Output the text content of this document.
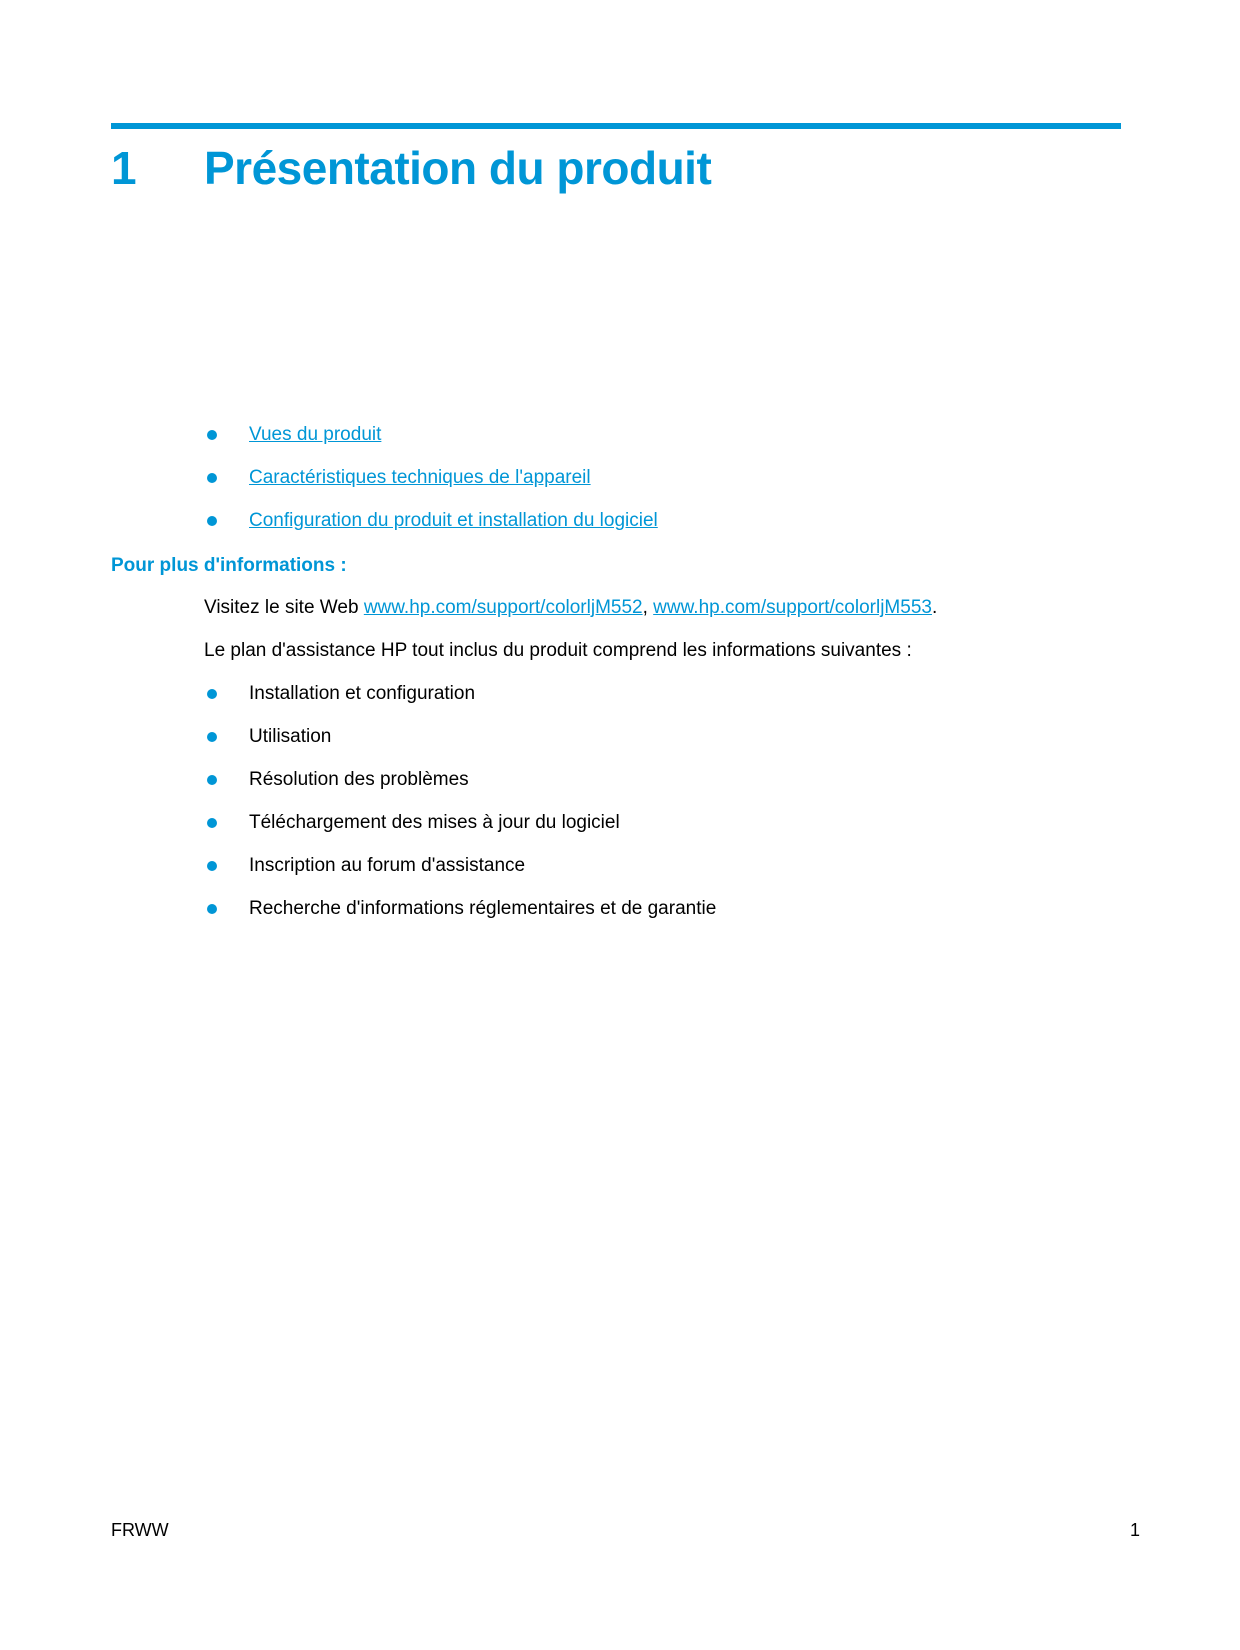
1	Présentation du produit
Vues du produit
Caractéristiques techniques de l'appareil
Configuration du produit et installation du logiciel
Pour plus d'informations :
Visitez le site Web www.hp.com/support/colorljM552, www.hp.com/support/colorljM553.
Le plan d'assistance HP tout inclus du produit comprend les informations suivantes :
Installation et configuration
Utilisation
Résolution des problèmes
Téléchargement des mises à jour du logiciel
Inscription au forum d'assistance
Recherche d'informations réglementaires et de garantie
FRWW	1
